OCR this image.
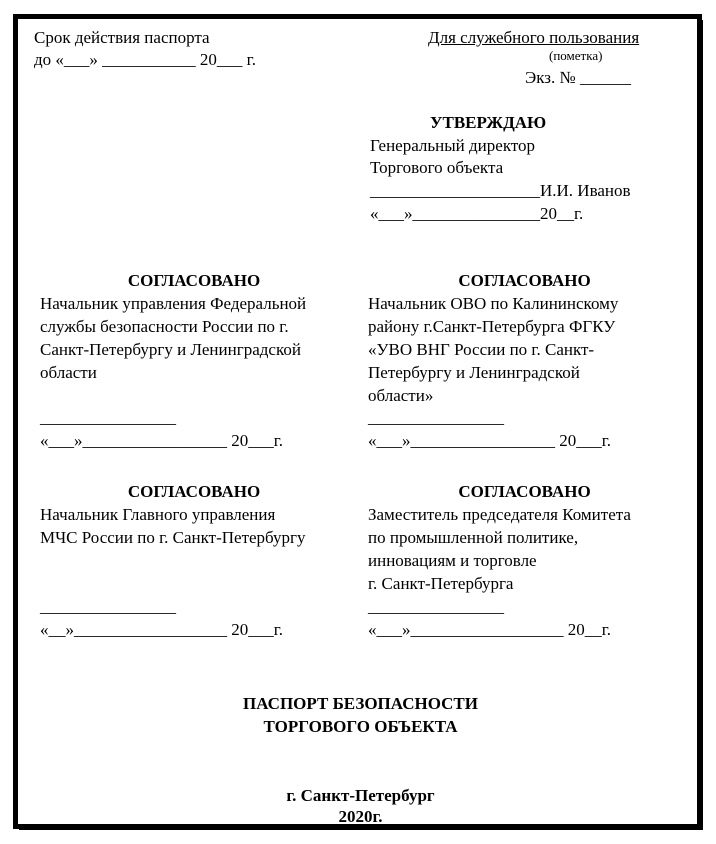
Срок действия паспорта
до «___» ___________ 20___ г.
Для служебного пользования
(пометка)
Экз. № ______
УТВЕРЖДАЮ
Генеральный директор
Торгового объекта
____________________И.И. Иванов
«___»_______________20__г.
СОГЛАСОВАНО
Начальник управления Федеральной
службы безопасности России по г.
Санкт-Петербургу и Ленинградской
области
________________
«___»_________________ 20___г.
СОГЛАСОВАНО
Начальник ОВО по Калининскому
району г.Санкт-Петербурга ФГКУ
«УВО ВНГ России по г. Санкт-
Петербургу и Ленинградской
области»
________________
«___»_________________ 20___г.
СОГЛАСОВАНО
Начальник Главного управления
МЧС России по г. Санкт-Петербургу
________________
«__»__________________ 20___г.
СОГЛАСОВАНО
Заместитель председателя Комитета
по промышленной политике,
инновациям и торговле
г. Санкт-Петербурга
________________
«___»__________________ 20__г.
ПАСПОРТ БЕЗОПАСНОСТИ
ТОРГОВОГО ОБЪЕКТА
г. Санкт-Петербург
2020г.
